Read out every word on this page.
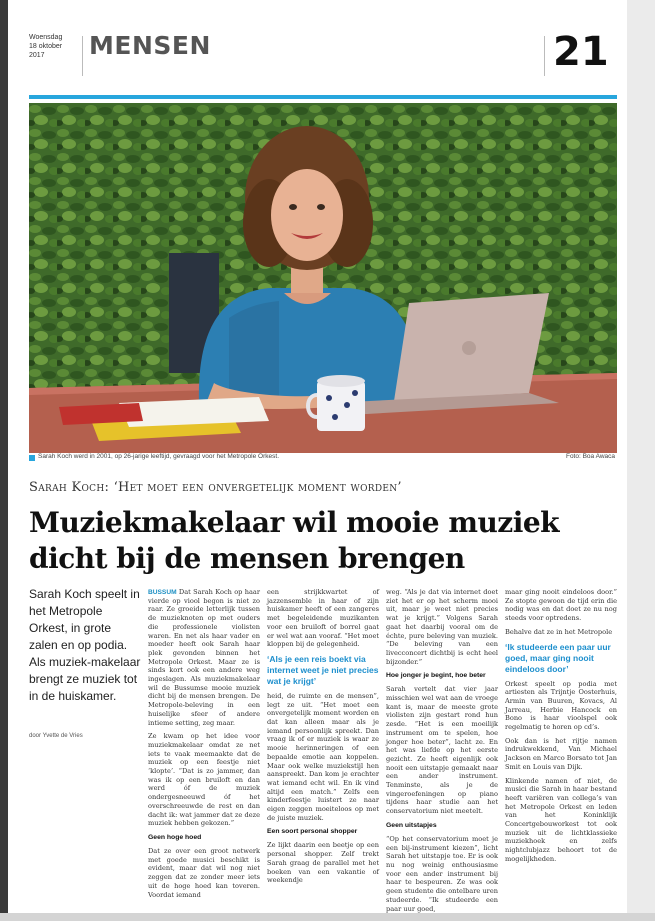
Woensdag
18 oktober
2017	MENSEN	21
Sarah Koch werd in 2001, op 26-jarige leeftijd, gevraagd voor het Metropole Orkest.	Foto: Boa Awaca
Sarah Koch: ‘Het moet een onvergetelijk moment worden’
Muziekmakelaar wil mooie muziek dicht bij de mensen brengen
Sarah Koch speelt in het Metropole Orkest, in grote zalen en op podia. Als muziek-makelaar brengt ze muziek tot in de huiskamer.
door Yvette de Vries

BUSSUM Dat Sarah Koch op haar vierde op viool begon is niet zo raar. Ze groeide letterlijk tussen de muzieknoten op met ouders die professionele violisten waren. En net als haar vader en moeder heeft ook Sarah haar plek gevonden binnen het Metropole Orkest. Maar ze is sinds kort ook een andere weg ingeslagen. Als muziekmakelaar wil de Bussumse mooie muziek dicht bij de mensen brengen. De Metropole-beleving in een huiselijke sfeer of andere intieme setting, zeg maar.

Ze kwam op het idee voor muziekmakelaar omdat ze net iets te vaak meemaakte dat de muziek op een feestje niet ‘klopte’. “Dat is zo jammer, dan was ik op een bruiloft en dan werd óf de muziek ondergesneeuwd óf het overschreeuwde de rest en dan dacht ik: wat jammer dat ze deze muziek hebben gekozen.”

Geen hoge hoed

Dat ze over een groot netwerk met goede musici beschikt is evident, maar dat wil nog niet zeggen dat ze zonder meer iets uit de hoge hoed kan toveren. Voordat iemand

een strijkkwartet of jazzensemble in haar of zijn huiskamer heeft of een zangeres met begeleidende muzikanten voor een bruiloft of borrel gaat er wel wat aan vooraf. “Het moet kloppen bij de gelegenheid.

‘Als je een reis boekt via internet weet je niet precies wat je krijgt’

heid, de ruimte en de mensen”, legt ze uit. “Het moet een onvergetelijk moment worden en dat kan alleen maar als je iemand persoonlijk spreekt. Dan vraag ik of er muziek is waar ze mooie herinneringen of een bepaalde emotie aan koppelen. Maar ook welke muziekstijl hen aanspreekt. Dan kom je erachter wat iemand echt wil. En ik vind altijd een match.” Zelfs een kinderfeestje luistert ze naar eigen zeggen moeiteloos op met de juiste muziek.

Een soort personal shopper

Ze lijkt daarin een beetje op een personal shopper. Zelf trekt Sarah graag de parallel met het boeken van een vakantie of weekendje

weg. “Als je dat via internet doet ziet het er op het scherm mooi uit, maar je weet niet precies wat je krijgt.” Volgens Sarah gaat het daarbij vooral om de échte, pure beleving van muziek. “De beleving van een livecconcert dichtbij is echt heel bijzonder.”

Hoe jonger je begint, hoe beter

Sarah vertelt dat vier jaar misschien wel wat aan de vroege kant is, maar de meeste grote violisten zijn gestart rond hun zesde. “Het is een moeilijk instrument om te spelen, hoe jonger hoe beter”, lacht ze. En het was liefde op het eerste gezicht. Ze heeft eigenlijk ook nooit een uitstapje gemaakt naar een ander instrument. Tenminste, als je de vingeroefeningen op piano tijdens haar studie aan het conservatorium niet meetelt.

Geen uitstapjes

“Op het conservatorium moet je een bij-instrument kiezen”, licht Sarah het uitstapje toe. Er is ook nu nog weinig enthousiasme voor een ander instrument bij haar te bespeuren. Ze was ook geen studente die ontelbare uren studeerde. “Ik studeerde een paar uur goed,

maar ging nooit eindeloos door.” Ze stopte gewoon de tijd erin die nodig was en dat doet ze nu nog steeds voor optredens.

Behalve dat ze in het Metropole

‘Ik studeerde een paar uur goed, maar ging nooit eindeloos door’

Orkest speelt op podia met artiesten als Trijntje Oosterhuis, Armin van Buuren, Kovacs, Al Jarreau, Herbie Hancock en Bono is haar vioolspel ook regelmatig te horen op cd’s.

Ook dan is het rijtje namen indrukwekkend, Van Michael Jackson en Marco Borsato tot Jan Smit en Louis van Dijk.

Klinkende namen of niet, de musici die Sarah in haar bestand heeft variëren van collega’s van het Metropole Orkest en leden van het Koninklijk Concertgebouworkest tot ook muziek uit de lichtklassieke muziekhoek en zelfs nightclubjazz behoort tot de mogelijkheden.
